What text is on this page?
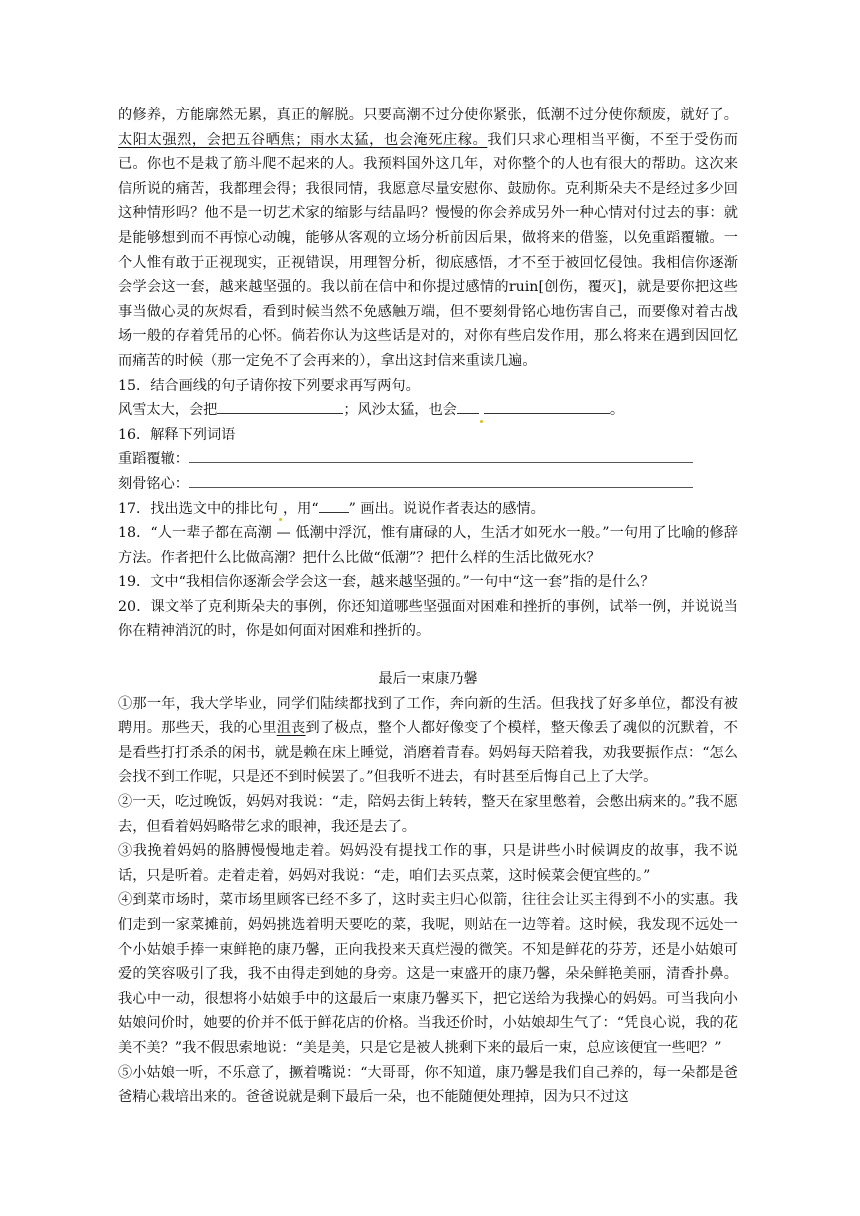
的修养，方能廓然无累，真正的解脱。只要高潮不过分使你紧张，低潮不过分使你颓废，就好了。太阳太强烈，会把五谷晒焦；雨水太猛，也会淹死庄稼。我们只求心理相当平衡，不至于受伤而已。你也不是栽了筋斗爬不起来的人。我预料国外这几年，对你整个的人也有很大的帮助。这次来信所说的痛苦，我都理会得；我很同情，我愿意尽量安慰你、鼓励你。克利斯朵夫不是经过多少回这种情形吗？他不是一切艺术家的缩影与结晶吗？慢慢的你会养成另外一种心情对付过去的事：就是能够想到而不再惊心动魄，能够从客观的立场分析前因后果，做将来的借鉴，以免重蹈覆辙。一个人惟有敢于正视现实，正视错误，用理智分析，彻底感悟，才不至于被回忆侵蚀。我相信你逐渐会学会这一套，越来越坚强的。我以前在信中和你提过感情的ruin[创伤，覆灭]，就是要你把这些事当做心灵的灰烬看，看到时候当然不免感触万端，但不要刻骨铭心地伤害自己，而要像对着古战场一般的存着凭吊的心怀。倘若你认为这些话是对的，对你有些启发作用，那么将来在遇到因回忆而痛苦的时候（那一定免不了会再来的），拿出这封信来重读几遍。

15．结合画线的句子请你按下列要求再写两句。

风雪太大，会把	；风沙太猛，也会	。

16．解释下列词语

重蹈覆辙：

刻骨铭心：

17．找出选文中的排比句 ，用“ ” 画出。说说作者表达的感情。

18．“人一辈子都在高潮 — 低潮中浮沉，惟有庸碌的人，生活才如死水一般。”一句用了比喻的修辞方法。作者把什么比做高潮？把什么比做“低潮”？把什么样的生活比做死水？

19．文中“我相信你逐渐会学会这一套，越来越坚强的。”一句中“这一套”指的是什么？

20．课文举了克利斯朵夫的事例，你还知道哪些坚强面对困难和挫折的事例，试举一例，并说说当你在精神消沉的时，你是如何面对困难和挫折的。

最后一束康乃馨

①那一年，我大学毕业，同学们陆续都找到了工作，奔向新的生活。但我找了好多单位，都没有被聘用。那些天，我的心里沮丧到了极点，整个人都好像变了个模样，整天像丢了魂似的沉默着，不是看些打打杀杀的闲书，就是赖在床上睡觉，消磨着青春。妈妈每天陪着我，劝我要振作点：“怎么会找不到工作呢，只是还不到时候罢了。”但我听不进去，有时甚至后悔自己上了大学。

②一天，吃过晚饭，妈妈对我说：“走，陪妈去街上转转，整天在家里憋着，会憋出病来的。”我不愿去，但看着妈妈略带乞求的眼神，我还是去了。

③我挽着妈妈的胳膊慢慢地走着。妈妈没有提找工作的事，只是讲些小时候调皮的故事，我不说话，只是听着。走着走着，妈妈对我说：“走，咱们去买点菜，这时候菜会便宜些的。”

④到菜市场时，菜市场里顾客已经不多了，这时卖主归心似箭，往往会让买主得到不小的实惠。我们走到一家菜摊前，妈妈挑选着明天要吃的菜，我呢，则站在一边等着。这时候，我发现不远处一个小姑娘手捧一束鲜艳的康乃馨，正向我投来天真烂漫的微笑。不知是鲜花的芬芳，还是小姑娘可爱的笑容吸引了我，我不由得走到她的身旁。这是一束盛开的康乃馨，朵朵鲜艳美丽，清香扑鼻。我心中一动，很想将小姑娘手中的这最后一束康乃馨买下，把它送给为我操心的妈妈。可当我向小姑娘问价时，她要的价并不低于鲜花店的价格。当我还价时，小姑娘却生气了：“凭良心说，我的花美不美？”我不假思索地说：“美是美，只是它是被人挑剩下来的最后一束，总应该便宜一些吧？”

⑤小姑娘一听，不乐意了，撅着嘴说：“大哥哥，你不知道，康乃馨是我们自己养的，每一朵都是爸爸精心栽培出来的。爸爸说就是剩下最后一朵，也不能随便处理掉，因为只不过这
